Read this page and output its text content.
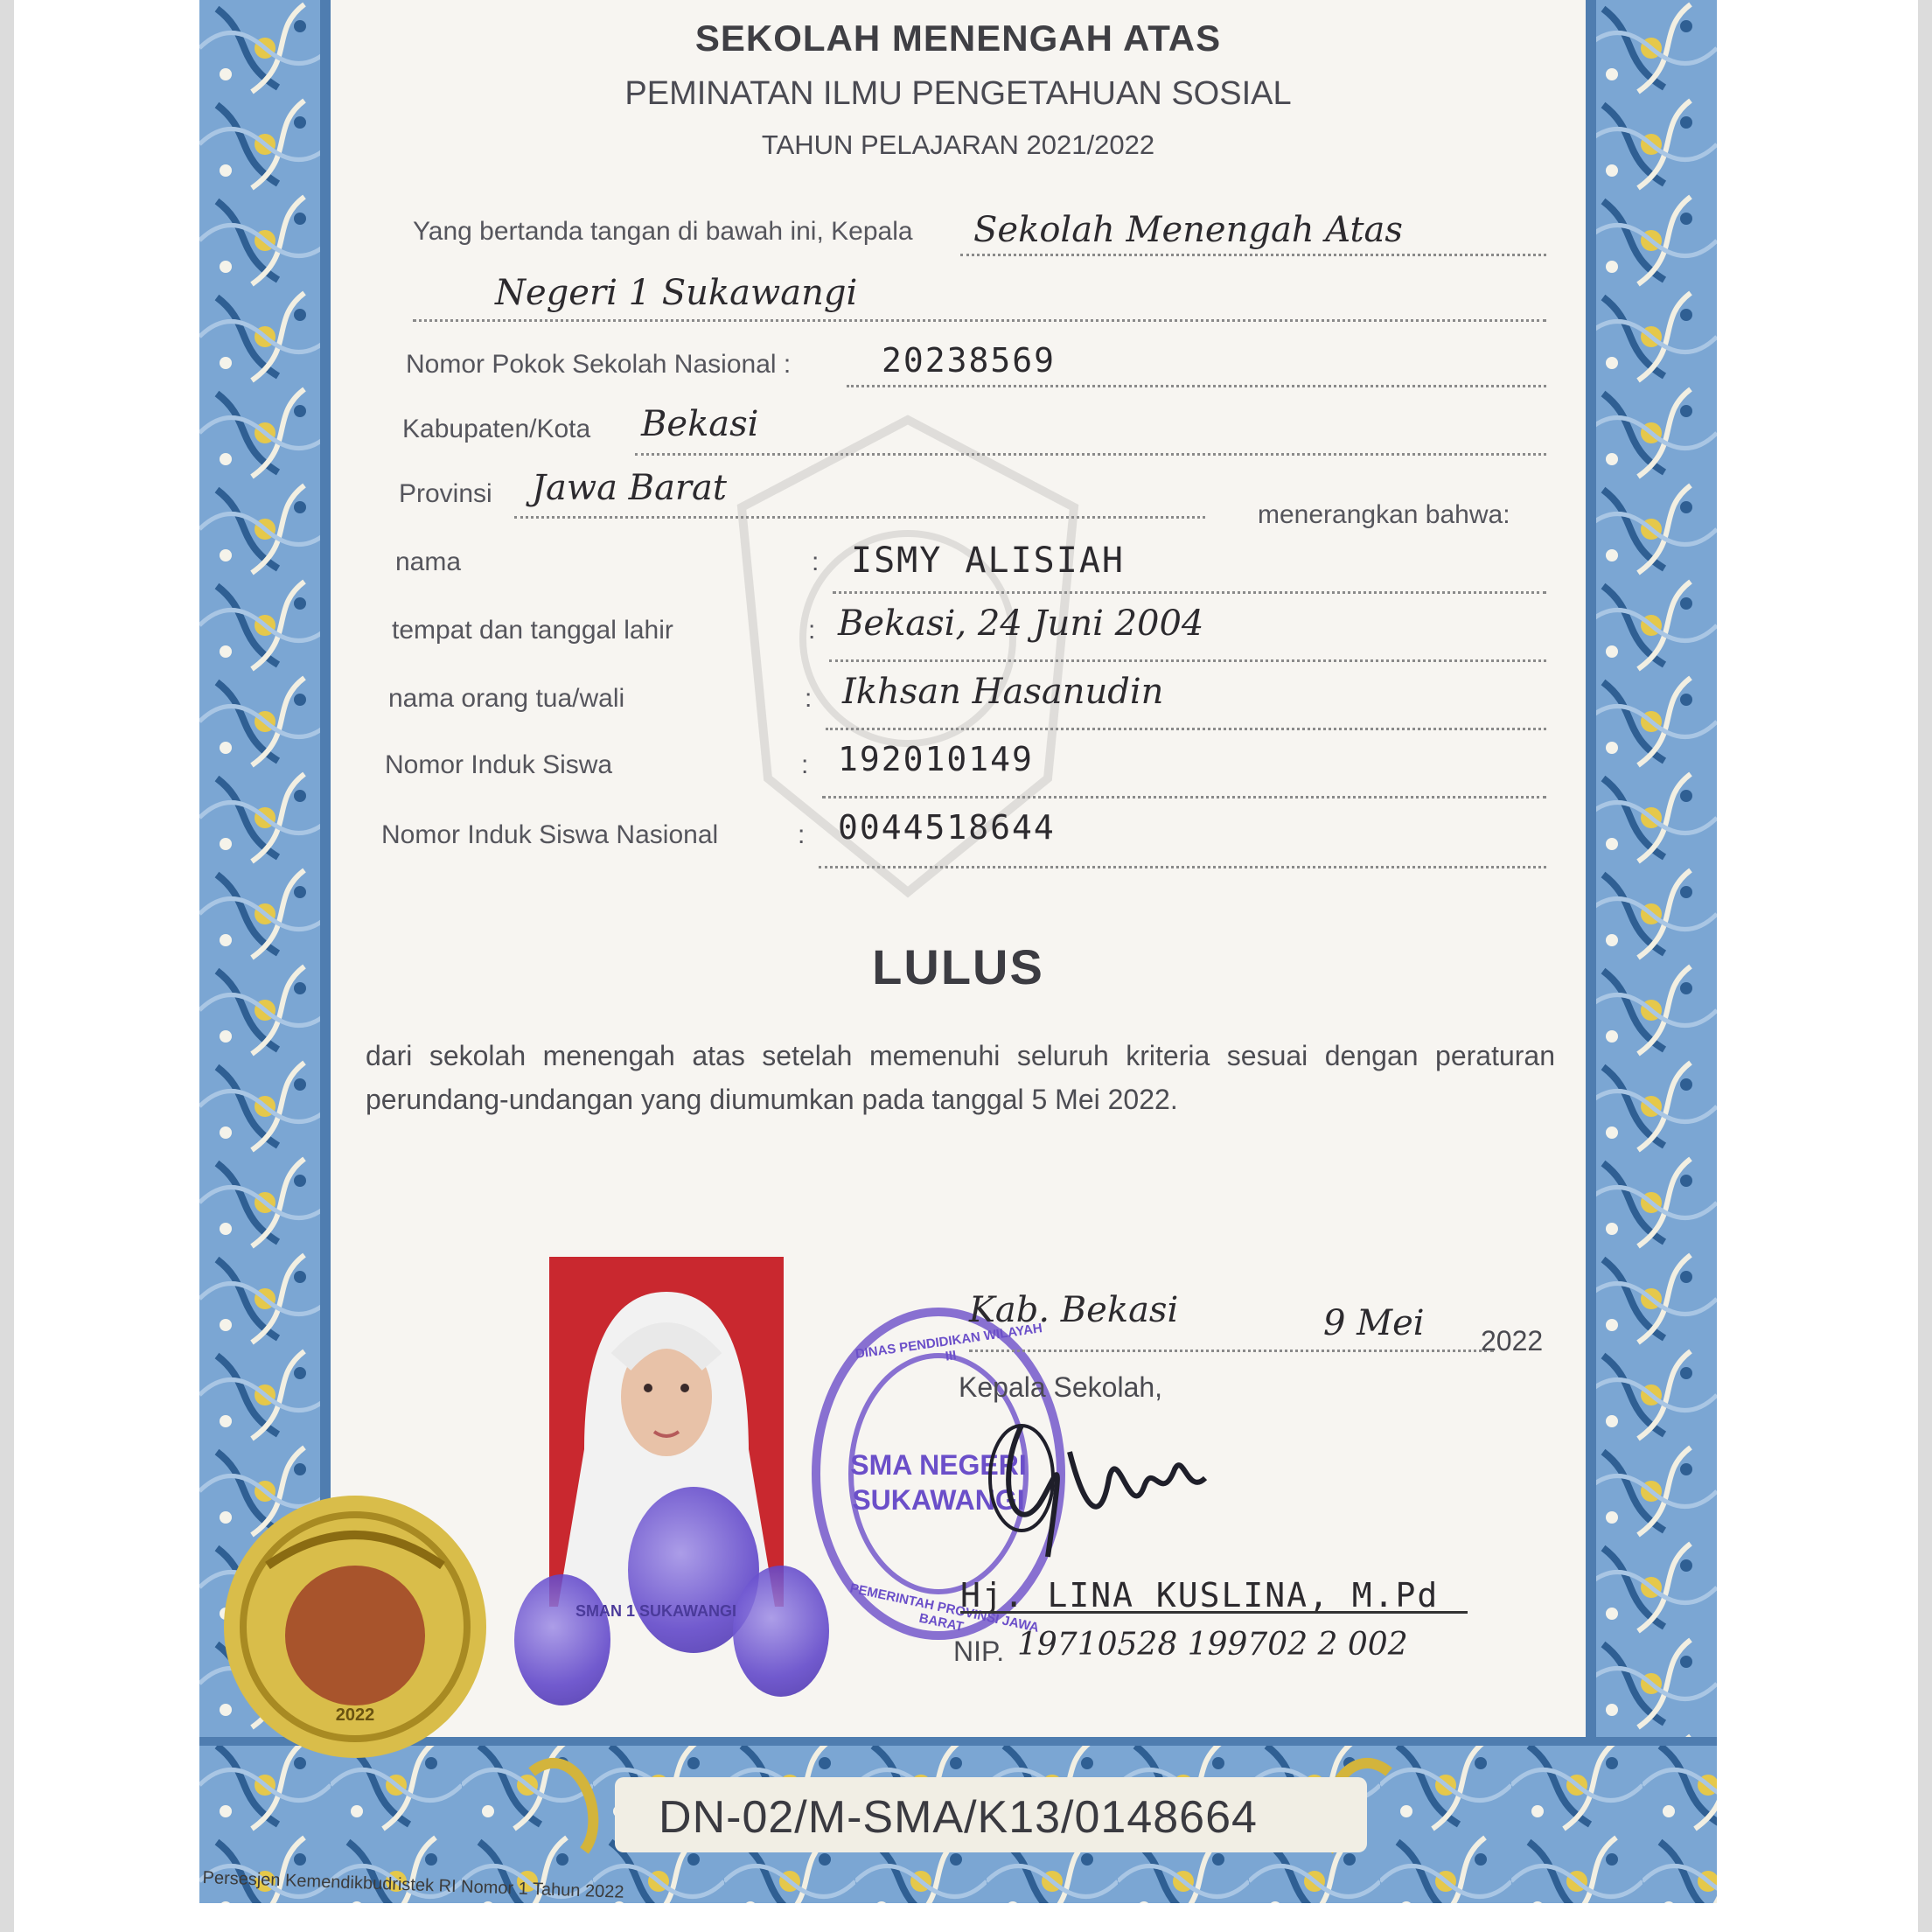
SEKOLAH MENENGAH ATAS
PEMINATAN ILMU PENGETAHUAN SOSIAL
TAHUN PELAJARAN 2021/2022
Yang bertanda tangan di bawah ini, Kepala Sekolah Menengah Atas
Negeri 1 Sukawangi
Nomor Pokok Sekolah Nasional :	20238569
Kabupaten/Kota Bekasi
Provinsi Jawa Barat
menerangkan bahwa:
nama	: ISMY ALISIAH
tempat dan tanggal lahir	: Bekasi, 24 Juni 2004
nama orang tua/wali	: Ikhsan Hasanudin
Nomor Induk Siswa	: 192010149
Nomor Induk Siswa Nasional	: 0044518644
LULUS
dari sekolah menengah atas setelah memenuhi seluruh kriteria sesuai dengan peraturan perundang-undangan yang diumumkan pada tanggal 5 Mei 2022.
SMAN 1 SUKAWANGI
SMA NEGERI
SUKAWANGI
DINAS PENDIDIKAN WILAYAH III
PEMERINTAH PROVINSI JAWA BARAT
Kab. Bekasi	9 Mei 2022
Kepala Sekolah,
Hj. LINA KUSLINA, M.Pd
NIP. 19710528 199702 2 002
2022
DN-02/M-SMA/K13/0148664
Persesjen Kemendikbudristek RI Nomor 1 Tahun 2022
